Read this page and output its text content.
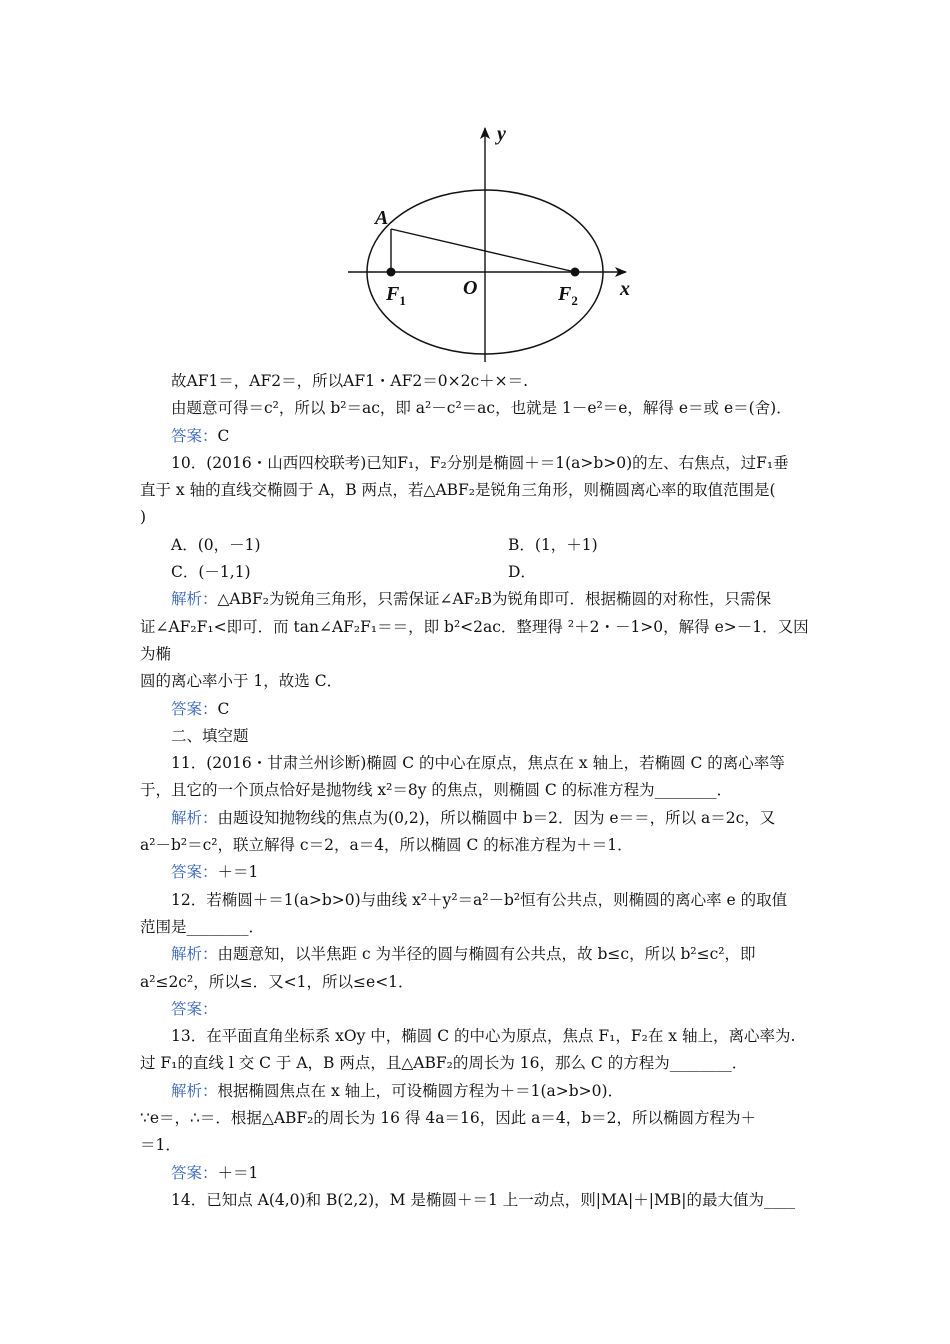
y
A
x
O
$F_1$	$F_2$

故AF1＝，AF2＝，所以AF1・AF2＝0×2c＋×＝.

由题意可得＝c²，所以 b²＝ac，即 a²－c²＝ac，也就是 1－e²＝e，解得 e＝或 e＝(舍)．

答案：C

10．(2016・山西四校联考)已知F₁，F₂分别是椭圆＋＝1(a>b>0)的左、右焦点，过F₁垂

直于 x 轴的直线交椭圆于 A，B 两点，若△ABF₂是锐角三角形，则椭圆离心率的取值范围是(

)

A．(0，－1)	B．(1，＋1)
C．(－1,1)	D．

解析：△ABF₂为锐角三角形，只需保证∠AF₂B为锐角即可．根据椭圆的对称性，只需保

证∠AF₂F₁<即可．而 tan∠AF₂F₁＝＝，即 b²<2ac．整理得 ²＋2・－1>0，解得 e>－1．又因为椭

圆的离心率小于 1，故选 C．

答案：C

二、填空题

11．(2016・甘肃兰州诊断)椭圆 C 的中心在原点，焦点在 x 轴上，若椭圆 C 的离心率等

于，且它的一个顶点恰好是抛物线 x²＝8y 的焦点，则椭圆 C 的标准方程为________．

解析：由题设知抛物线的焦点为(0,2)，所以椭圆中 b＝2．因为 e＝＝，所以 a＝2c，又

a²－b²＝c²，联立解得 c＝2，a＝4，所以椭圆 C 的标准方程为＋＝1．

答案：＋＝1

12．若椭圆＋＝1(a>b>0)与曲线 x²＋y²＝a²－b²恒有公共点，则椭圆的离心率 e 的取值

范围是________．

解析：由题意知，以半焦距 c 为半径的圆与椭圆有公共点，故 b≤c，所以 b²≤c²，即

a²≤2c²，所以≤．又<1，所以≤e<1．

答案：

13．在平面直角坐标系 xOy 中，椭圆 C 的中心为原点，焦点 F₁，F₂在 x 轴上，离心率为.

过 F₁的直线 l 交 C 于 A，B 两点，且△ABF₂的周长为 16，那么 C 的方程为________．

解析：根据椭圆焦点在 x 轴上，可设椭圆方程为＋＝1(a>b>0)．

∵e＝，∴＝．根据△ABF₂的周长为 16 得 4a＝16，因此 a＝4，b＝2，所以椭圆方程为＋

＝1．

答案：＋＝1

14．已知点 A(4,0)和 B(2,2)，M 是椭圆＋＝1 上一动点，则|MA|＋|MB|的最大值为____
